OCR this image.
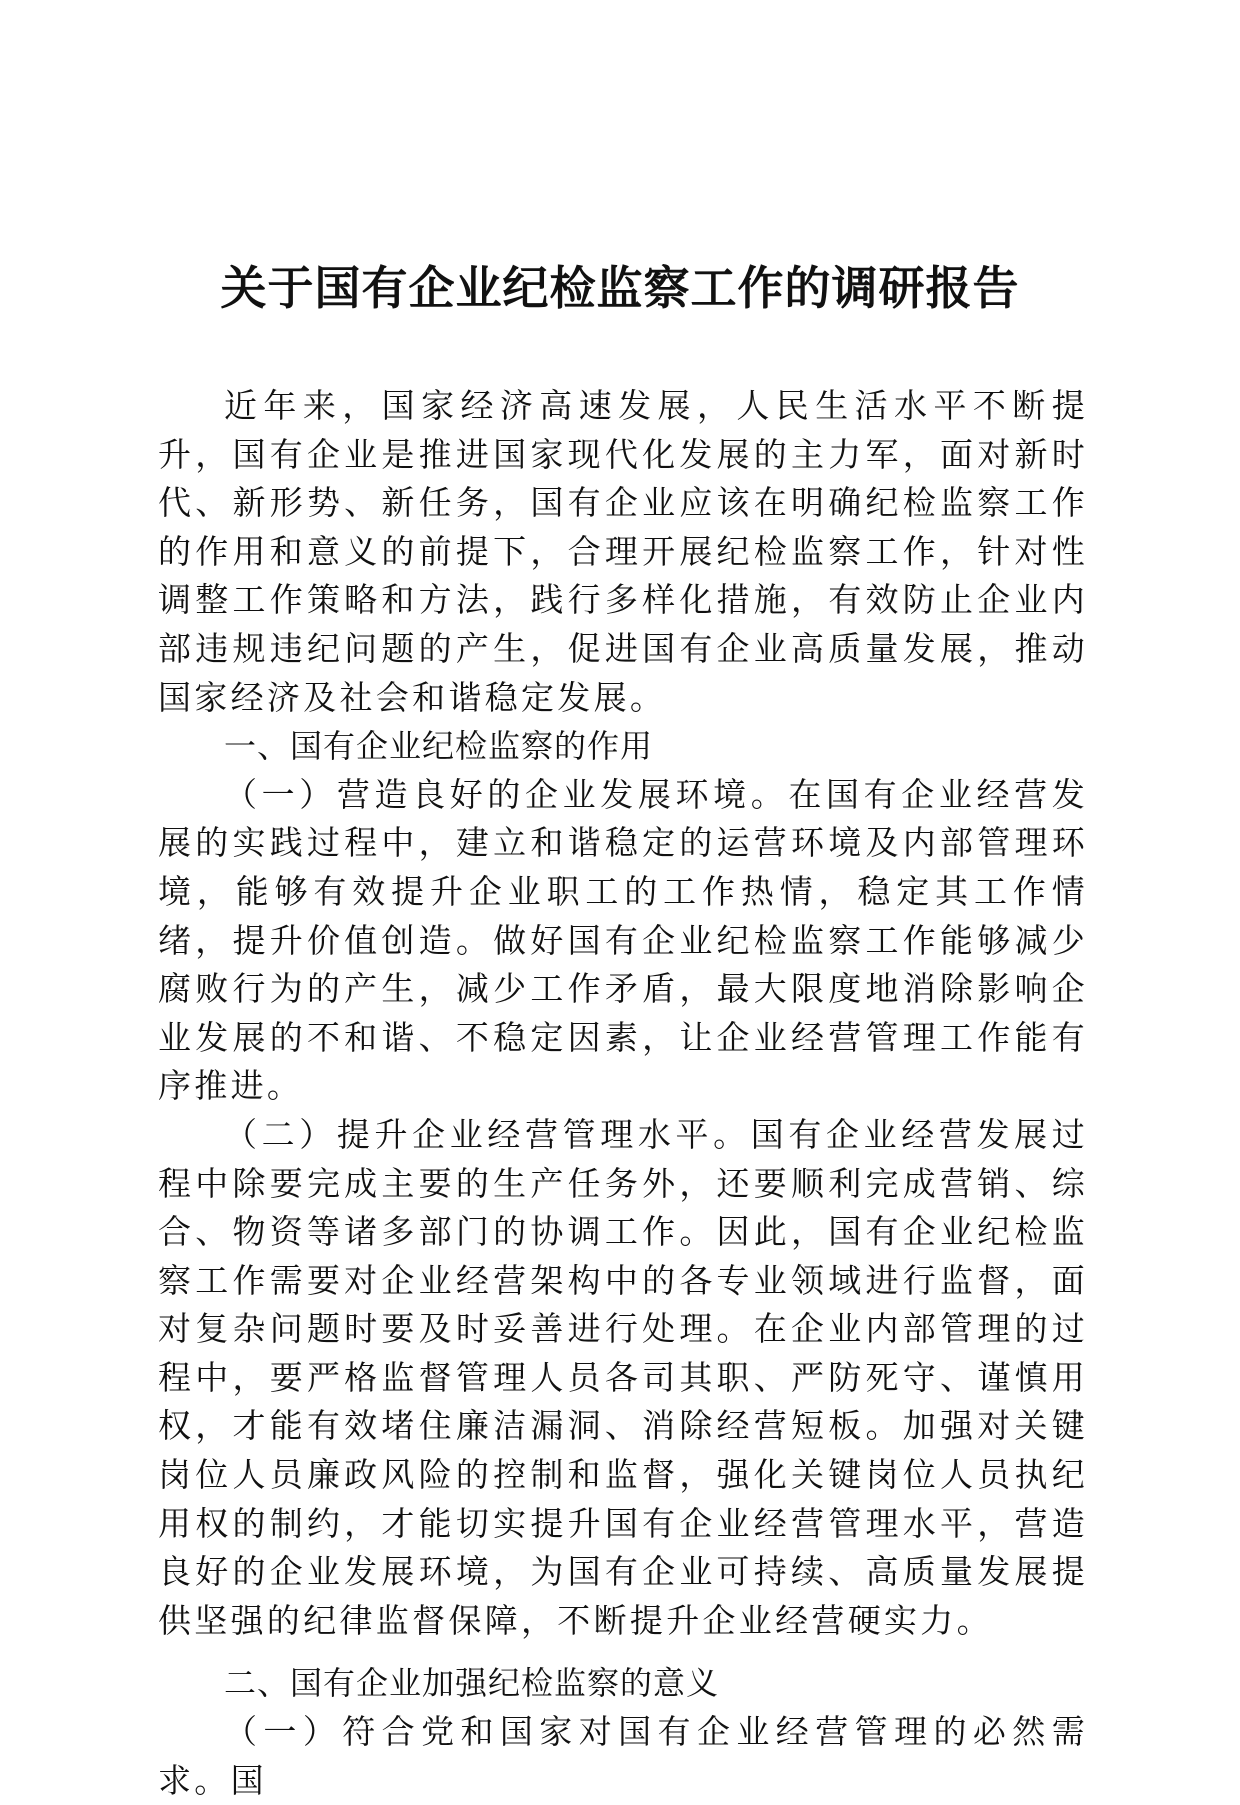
关于国有企业纪检监察工作的调研报告

近年来，国家经济高速发展，人民生活水平不断提升，国有企业是推进国家现代化发展的主力军，面对新时代、新形势、新任务，国有企业应该在明确纪检监察工作的作用和意义的前提下，合理开展纪检监察工作，针对性调整工作策略和方法，践行多样化措施，有效防止企业内部违规违纪问题的产生，促进国有企业高质量发展，推动国家经济及社会和谐稳定发展。

一、国有企业纪检监察的作用

（一）营造良好的企业发展环境。在国有企业经营发展的实践过程中，建立和谐稳定的运营环境及内部管理环境，能够有效提升企业职工的工作热情，稳定其工作情绪，提升价值创造。做好国有企业纪检监察工作能够减少腐败行为的产生，减少工作矛盾，最大限度地消除影响企业发展的不和谐、不稳定因素，让企业经营管理工作能有序推进。

（二）提升企业经营管理水平。国有企业经营发展过程中除要完成主要的生产任务外，还要顺利完成营销、综合、物资等诸多部门的协调工作。因此，国有企业纪检监察工作需要对企业经营架构中的各专业领域进行监督，面对复杂问题时要及时妥善进行处理。在企业内部管理的过程中，要严格监督管理人员各司其职、严防死守、谨慎用权，才能有效堵住廉洁漏洞、消除经营短板。加强对关键岗位人员廉政风险的控制和监督，强化关键岗位人员执纪用权的制约，才能切实提升国有企业经营管理水平，营造良好的企业发展环境，为国有企业可持续、高质量发展提供坚强的纪律监督保障，不断提升企业经营硬实力。

二、国有企业加强纪检监察的意义

（一）符合党和国家对国有企业经营管理的必然需求。国
